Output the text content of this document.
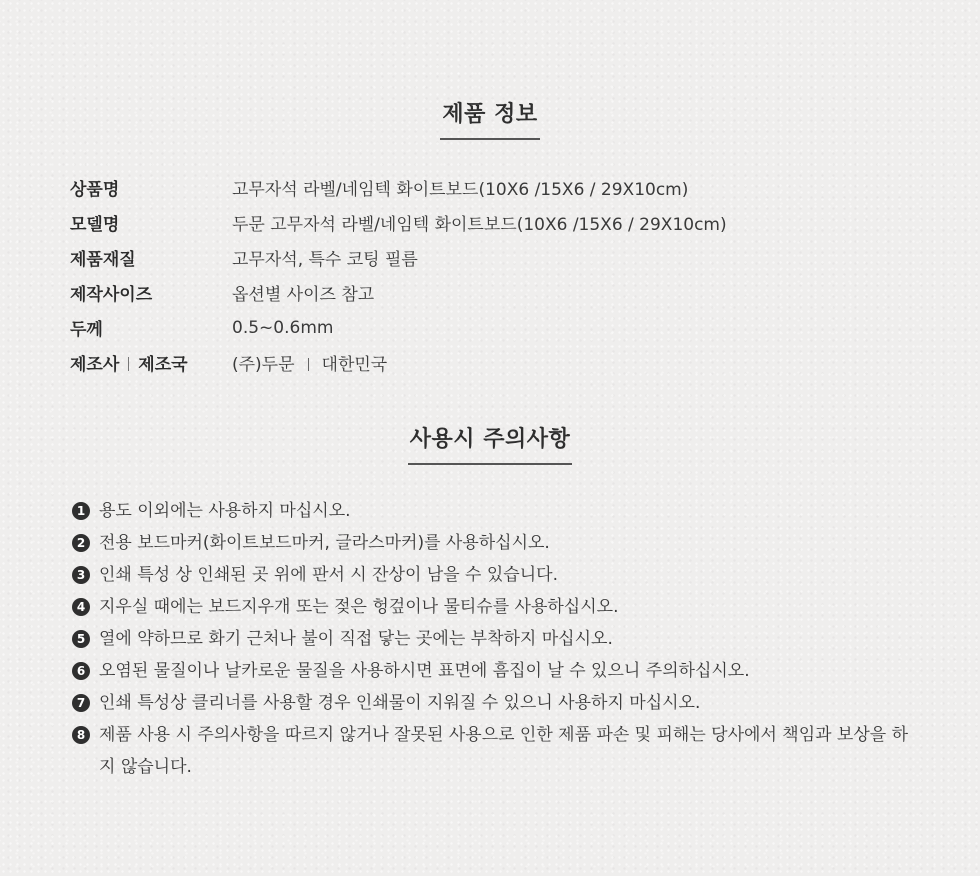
제품 정보
상품명	고무자석 라벨/네임텍 화이트보드(10X6 /15X6 / 29X10cm)
모델명	두문 고무자석 라벨/네임텍 화이트보드(10X6 /15X6 / 29X10cm)
제품재질	고무자석, 특수 코팅 필름
제작사이즈	옵션별 사이즈 참고
두께	0.5~0.6mm
제조사 제조국	(주)두문 대한민국
사용시 주의사항
1 용도 이외에는 사용하지 마십시오.
2 전용 보드마커(화이트보드마커, 글라스마커)를 사용하십시오.
3 인쇄 특성 상 인쇄된 곳 위에 판서 시 잔상이 남을 수 있습니다.
4 지우실 때에는 보드지우개 또는 젖은 헝겊이나 물티슈를 사용하십시오.
5 열에 약하므로 화기 근처나 불이 직접 닿는 곳에는 부착하지 마십시오.
6 오염된 물질이나 날카로운 물질을 사용하시면 표면에 흠집이 날 수 있으니 주의하십시오.
7 인쇄 특성상 클리너를 사용할 경우 인쇄물이 지워질 수 있으니 사용하지 마십시오.
8 제품 사용 시 주의사항을 따르지 않거나 잘못된 사용으로 인한 제품 파손 및 피해는 당사에서 책임과 보상을 하지 않습니다.
